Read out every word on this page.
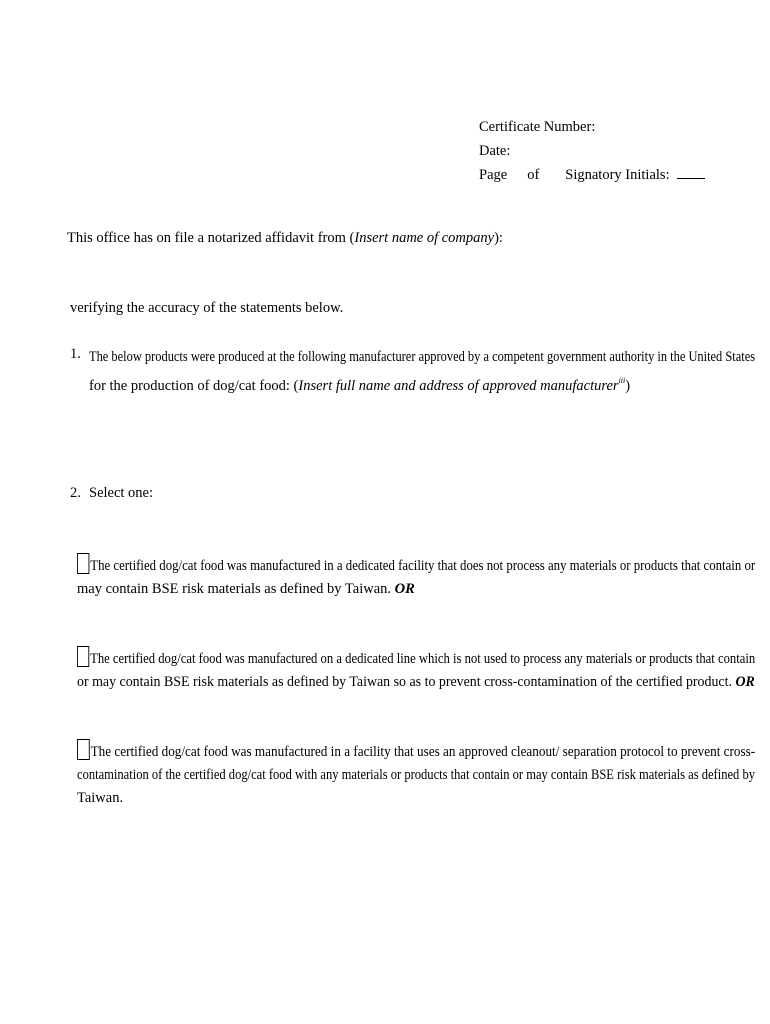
Certificate Number:
Date:
Page of Signatory Initials:
This office has on file a notarized affidavit from (Insert name of company):
verifying the accuracy of the statements below.
1. The below products were produced at the following manufacturer approved by a competent government authority in the United States
for the production of dog/cat food: (Insert full name and address of approved manufacturer$^{iii}$)
2. Select one:
The certified dog/cat food was manufactured in a dedicated facility that does not process any materials or products that contain or
may contain BSE risk materials as defined by Taiwan. OR
The certified dog/cat food was manufactured on a dedicated line which is not used to process any materials or products that contain
or may contain BSE risk materials as defined by Taiwan so as to prevent cross-contamination of the certified product. OR
The certified dog/cat food was manufactured in a facility that uses an approved cleanout/ separation protocol to prevent cross-
contamination of the certified dog/cat food with any materials or products that contain or may contain BSE risk materials as defined by
Taiwan.
